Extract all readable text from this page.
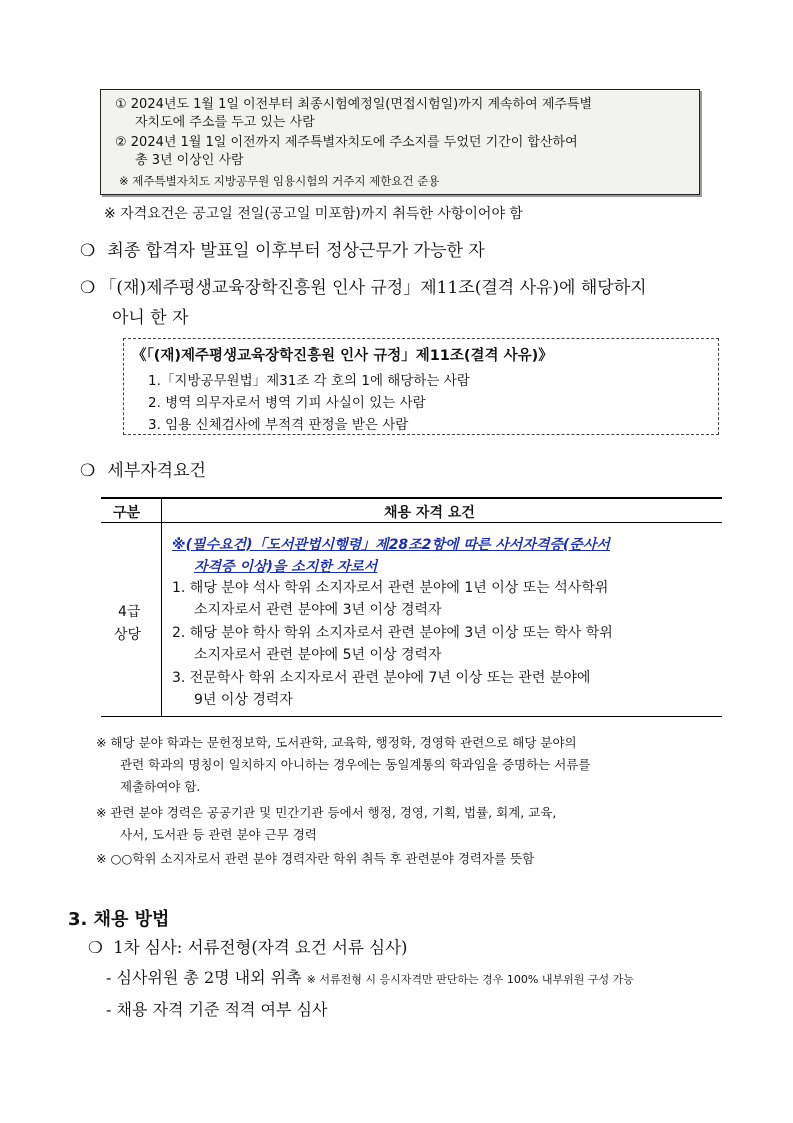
① 2024년도 1월 1일 이전부터 최종시험예정일(면접시험일)까지 계속하여 제주특별
자치도에 주소를 두고 있는 사람
② 2024년 1월 1일 이전까지 제주특별자치도에 주소지를 두었던 기간이 합산하여
총 3년 이상인 사람
※ 제주특별자치도 지방공무원 임용시험의 거주지 제한요건 준용
※ 자격요건은 공고일 전일(공고일 미포함)까지 취득한 사항이어야 함
❍ 최종 합격자 발표일 이후부터 정상근무가 가능한 자
❍ 「(재)제주평생교육장학진흥원 인사 규정」제11조(결격 사유)에 해당하지
아니 한 자
《「(재)제주평생교육장학진흥원 인사 규정」제11조(결격 사유)》
1.「지방공무원법」제31조 각 호의 1에 해당하는 사람
2. 병역 의무자로서 병역 기피 사실이 있는 사람
3. 임용 신체검사에 부적격 판정을 받은 사람
❍ 세부자격요건
구분	채용 자격 요건
4급
상당
※(필수요건)「도서관법시행령」제28조2항에 따른 사서자격증(준사서
자격증 이상)을 소지한 자로서
1. 해당 분야 석사 학위 소지자로서 관련 분야에 1년 이상 또는 석사학위
소지자로서 관련 분야에 3년 이상 경력자
2. 해당 분야 학사 학위 소지자로서 관련 분야에 3년 이상 또는 학사 학위
소지자로서 관련 분야에 5년 이상 경력자
3. 전문학사 학위 소지자로서 관련 분야에 7년 이상 또는 관련 분야에
9년 이상 경력자
※ 해당 분야 학과는 문헌정보학, 도서관학, 교육학, 행정학, 경영학 관련으로 해당 분야의
관련 학과의 명칭이 일치하지 아니하는 경우에는 동일계통의 학과임을 증명하는 서류를
제출하여야 함.
※ 관련 분야 경력은 공공기관 및 민간기관 등에서 행정, 경영, 기획, 법률, 회계, 교육,
사서, 도서관 등 관련 분야 근무 경력
※ ○○학위 소지자로서 관련 분야 경력자란 학위 취득 후 관련분야 경력자를 뜻함
3. 채용 방법
❍ 1차 심사: 서류전형(자격 요건 서류 심사)
- 심사위원 총 2명 내외 위촉 ※ 서류전형 시 응시자격만 판단하는 경우 100% 내부위원 구성 가능
- 채용 자격 기준 적격 여부 심사
